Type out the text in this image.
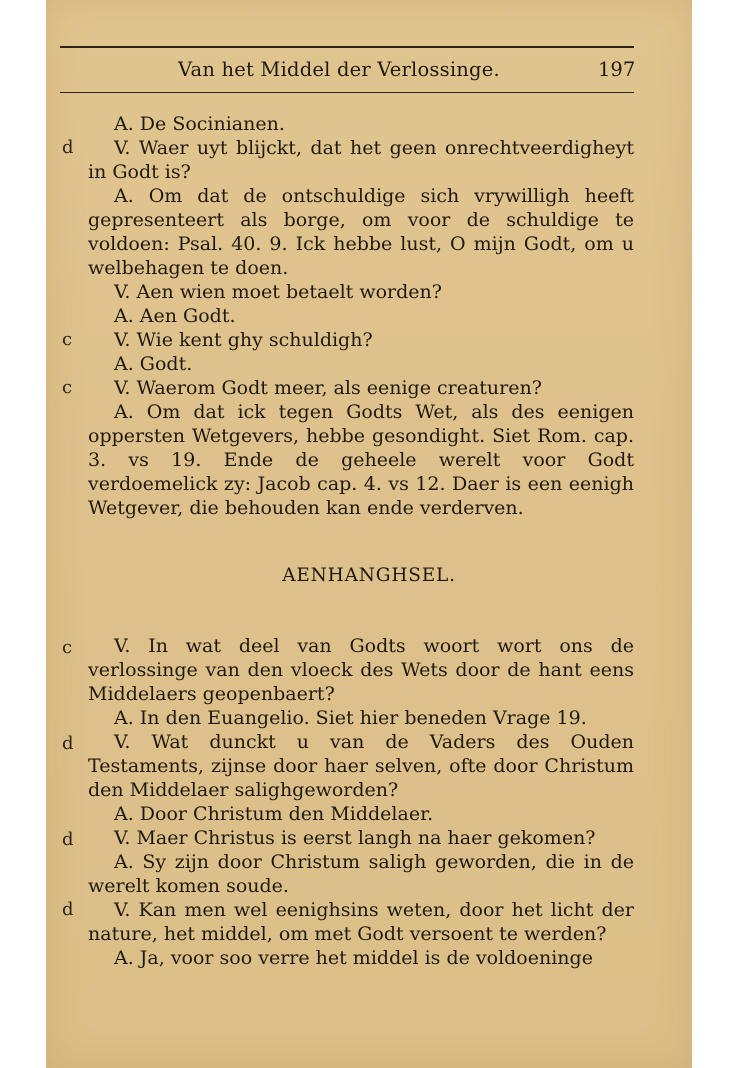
Van het Middel der Verlossinge.	197
d
c
c
c
d
d
d
A. De Socinianen.
V. Waer uyt blijckt, dat het geen onrechtveerdigheyt in Godt is?
A. Om dat de ontschuldige sich vrywilligh heeft gepresenteert als borge, om voor de schuldige te voldoen: Psal. 40. 9. Ick hebbe lust, O mijn Godt, om u welbehagen te doen.
V. Aen wien moet betaelt worden?
A. Aen Godt.
V. Wie kent ghy schuldigh?
A. Godt.
V. Waerom Godt meer, als eenige creaturen?
A. Om dat ick tegen Godts Wet, als des eenigen oppersten Wetgevers, hebbe gesondight. Siet Rom. cap. 3. vs 19. Ende de geheele werelt voor Godt verdoemelick zy: Jacob cap. 4. vs 12. Daer is een eenigh Wetgever, die behouden kan ende verderven.
AENHANGHSEL.
V. In wat deel van Godts woort wort ons de verlossinge van den vloeck des Wets door de hant eens Middelaers geopenbaert?
A. In den Euangelio. Siet hier beneden Vrage 19.
V. Wat dunckt u van de Vaders des Ouden Testaments, zijnse door haer selven, ofte door Christum den Middelaer salighgeworden?
A. Door Christum den Middelaer.
V. Maer Christus is eerst langh na haer gekomen?
A. Sy zijn door Christum saligh geworden, die in de werelt komen soude.
V. Kan men wel eenighsins weten, door het licht der nature, het middel, om met Godt versoent te werden?
A. Ja, voor soo verre het middel is de voldoeninge
